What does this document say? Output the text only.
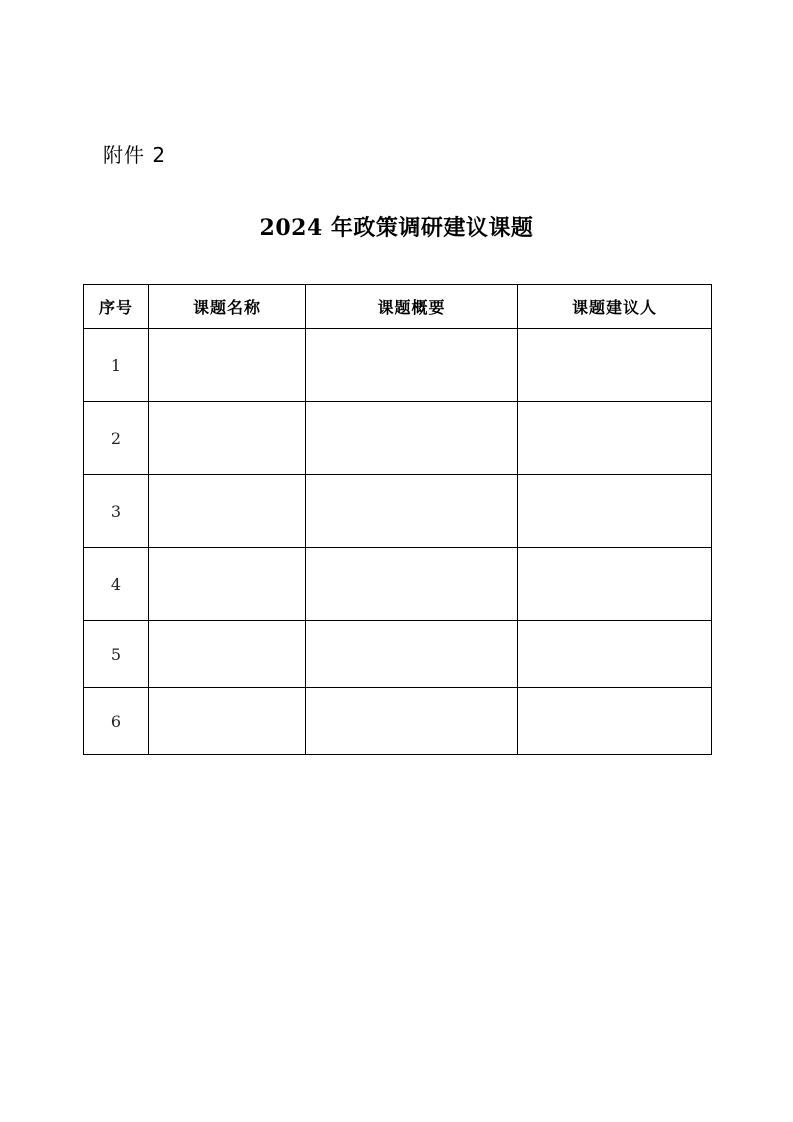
附件 2
2024 年政策调研建议课题
序号	课题名称	课题概要	课题建议人
1			
2			
3			
4			
5			
6			
